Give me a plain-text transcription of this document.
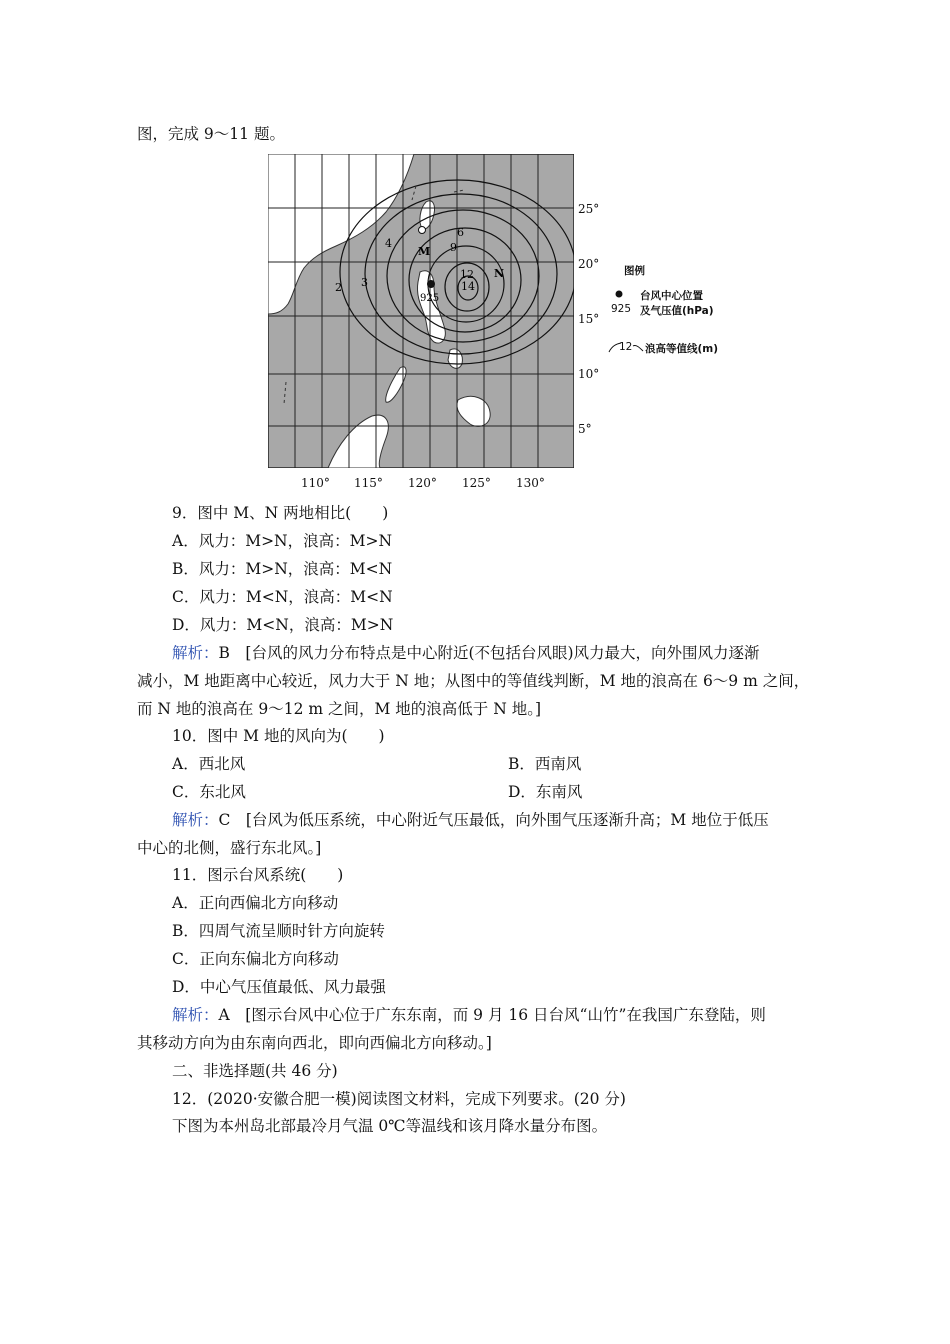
图，完成 9～11 题。
2 3
4
6
9
12
14
M
N
925
25°
20°
15°
10°
5°
110° 115° 120° 125° 130°
图例
台风中心位置
925 及气压值(hPa)
12 浪高等值线(m)
9．图中 M、N 两地相比(　　)
A．风力：M>N，浪高：M>N
B．风力：M>N，浪高：M<N
C．风力：M<N，浪高：M<N
D．风力：M<N，浪高：M>N
解析：B　[台风的风力分布特点是中心附近(不包括台风眼)风力最大，向外围风力逐渐
减小，M 地距离中心较近，风力大于 N 地；从图中的等值线判断，M 地的浪高在 6～9 m 之间，
而 N 地的浪高在 9～12 m 之间，M 地的浪高低于 N 地。]
10．图中 M 地的风向为(　　)
A．西北风	B．西南风
C．东北风	D．东南风
解析：C　[台风为低压系统，中心附近气压最低，向外围气压逐渐升高；M 地位于低压
中心的北侧，盛行东北风。]
11．图示台风系统(　　)
A．正向西偏北方向移动
B．四周气流呈顺时针方向旋转
C．正向东偏北方向移动
D．中心气压值最低、风力最强
解析：A　[图示台风中心位于广东东南，而 9 月 16 日台风“山竹”在我国广东登陆，则
其移动方向为由东南向西北，即向西偏北方向移动。]
二、非选择题(共 46 分)
12．(2020·安徽合肥一模)阅读图文材料，完成下列要求。(20 分)
下图为本州岛北部最冷月气温 0℃等温线和该月降水量分布图。
